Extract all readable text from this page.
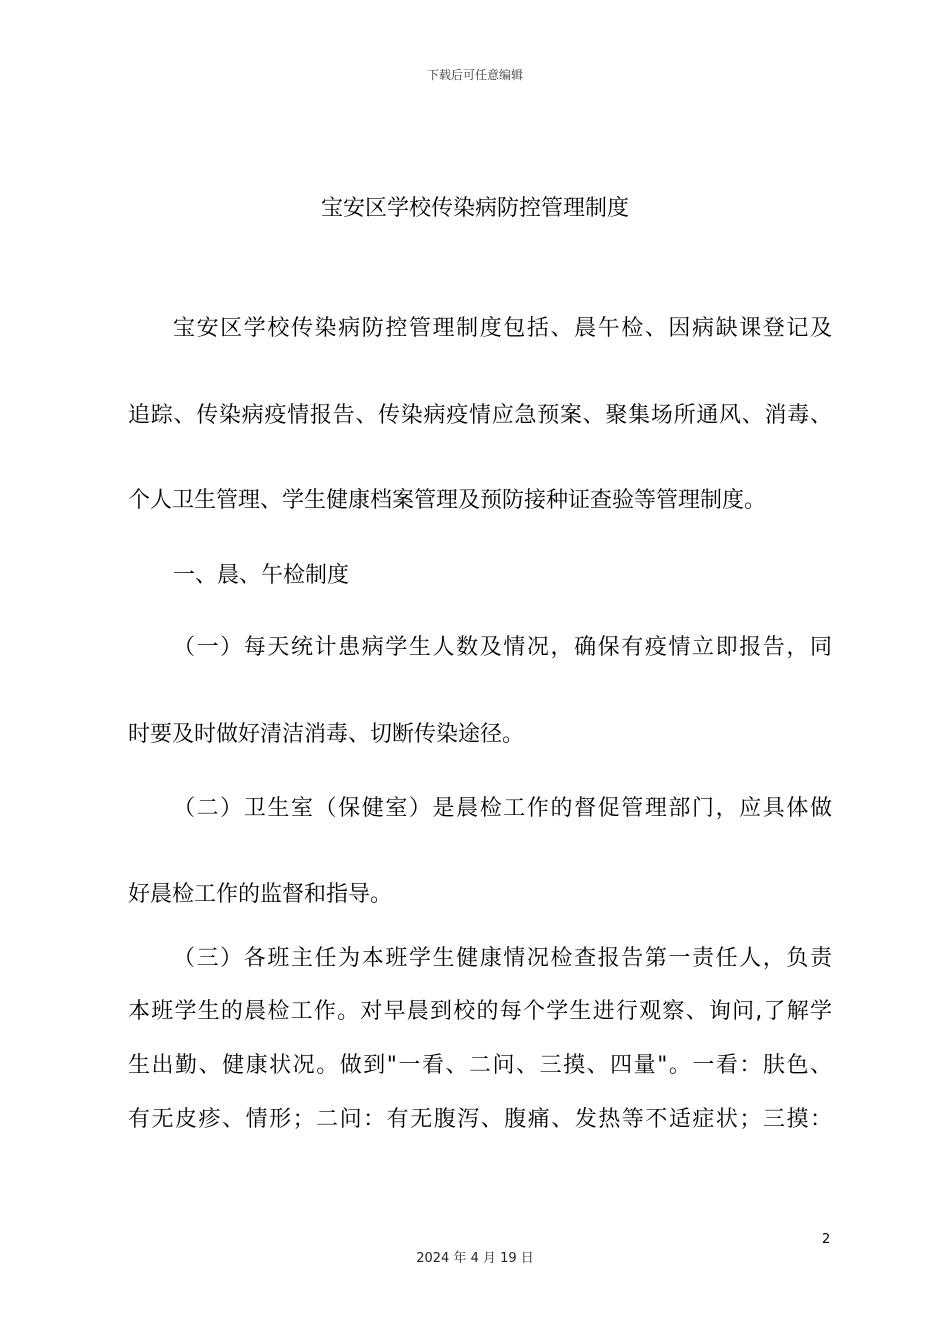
下载后可任意编辑
宝安区学校传染病防控管理制度
宝安区学校传染病防控管理制度包括、晨午检、因病缺课登记及
追踪、传染病疫情报告、传染病疫情应急预案、聚集场所通风、消毒、
个人卫生管理、学生健康档案管理及预防接种证查验等管理制度。
一、晨、午检制度
（一）每天统计患病学生人数及情况，确保有疫情立即报告，同
时要及时做好清洁消毒、切断传染途径。
（二）卫生室（保健室）是晨检工作的督促管理部门，应具体做
好晨检工作的监督和指导。
（三）各班主任为本班学生健康情况检查报告第一责任人，负责
本班学生的晨检工作。对早晨到校的每个学生进行观察、询问,了解学
生出勤、健康状况。做到"一看、二问、三摸、四量"。一看：肤色、
有无皮疹、情形；二问：有无腹泻、腹痛、发热等不适症状；三摸：
2
2024 年 4 月 19 日
